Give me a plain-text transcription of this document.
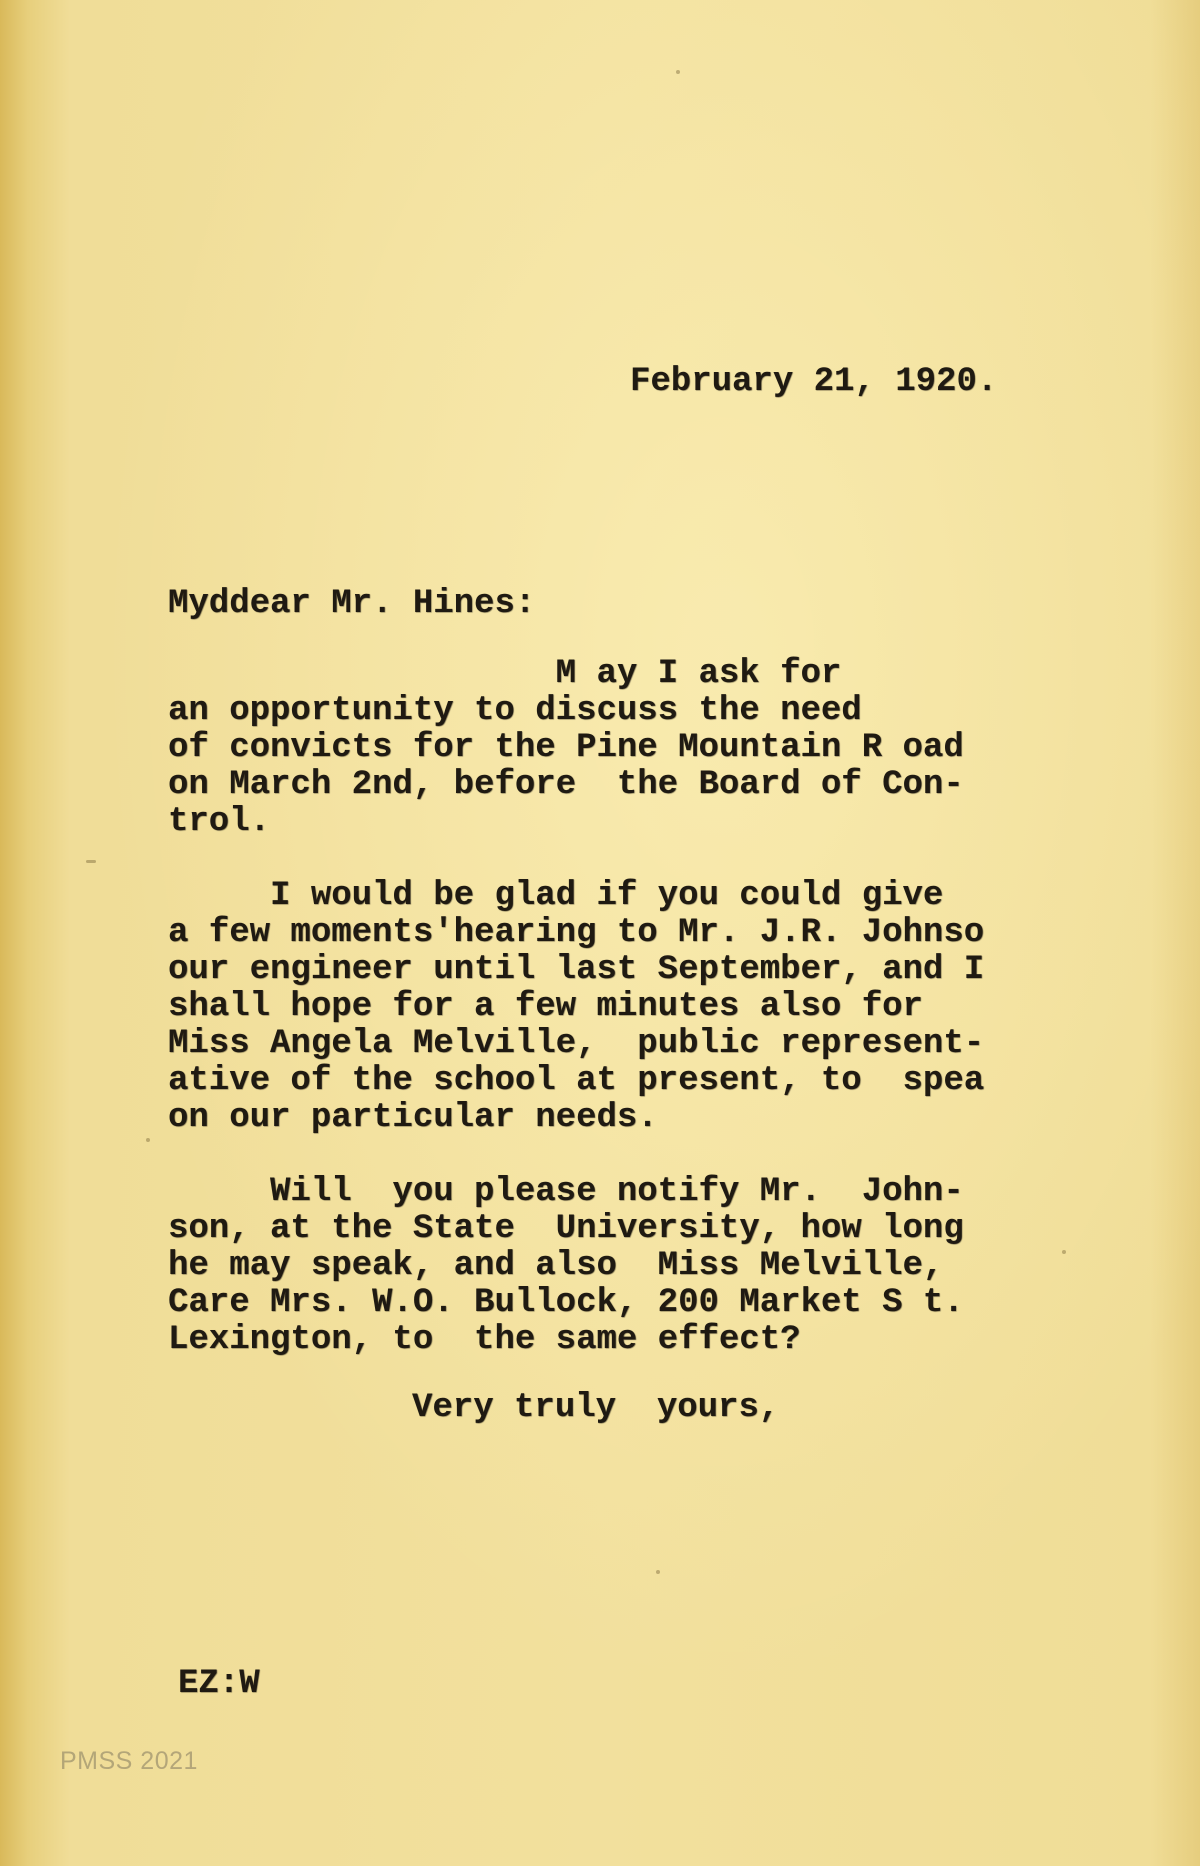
February 21, 1920.
Myddear Mr. Hines:
M ay I ask for
an opportunity to discuss the need
of convicts for the Pine Mountain R oad
on March 2nd, before  the Board of Con-
trol.

I would be glad if you could give
a few moments'hearing to Mr. J.R. Johnso
our engineer until last September, and I
shall hope for a few minutes also for
Miss Angela Melville,  public represent-
ative of the school at present, to  spea
on our particular needs.

Will  you please notify Mr.  John-
son, at the State  University, how long
he may speak, and also  Miss Melville,
Care Mrs. W.O. Bullock, 200 Market S t.
Lexington, to  the same effect?
Very truly  yours,
EZ:W
PMSS 2021
